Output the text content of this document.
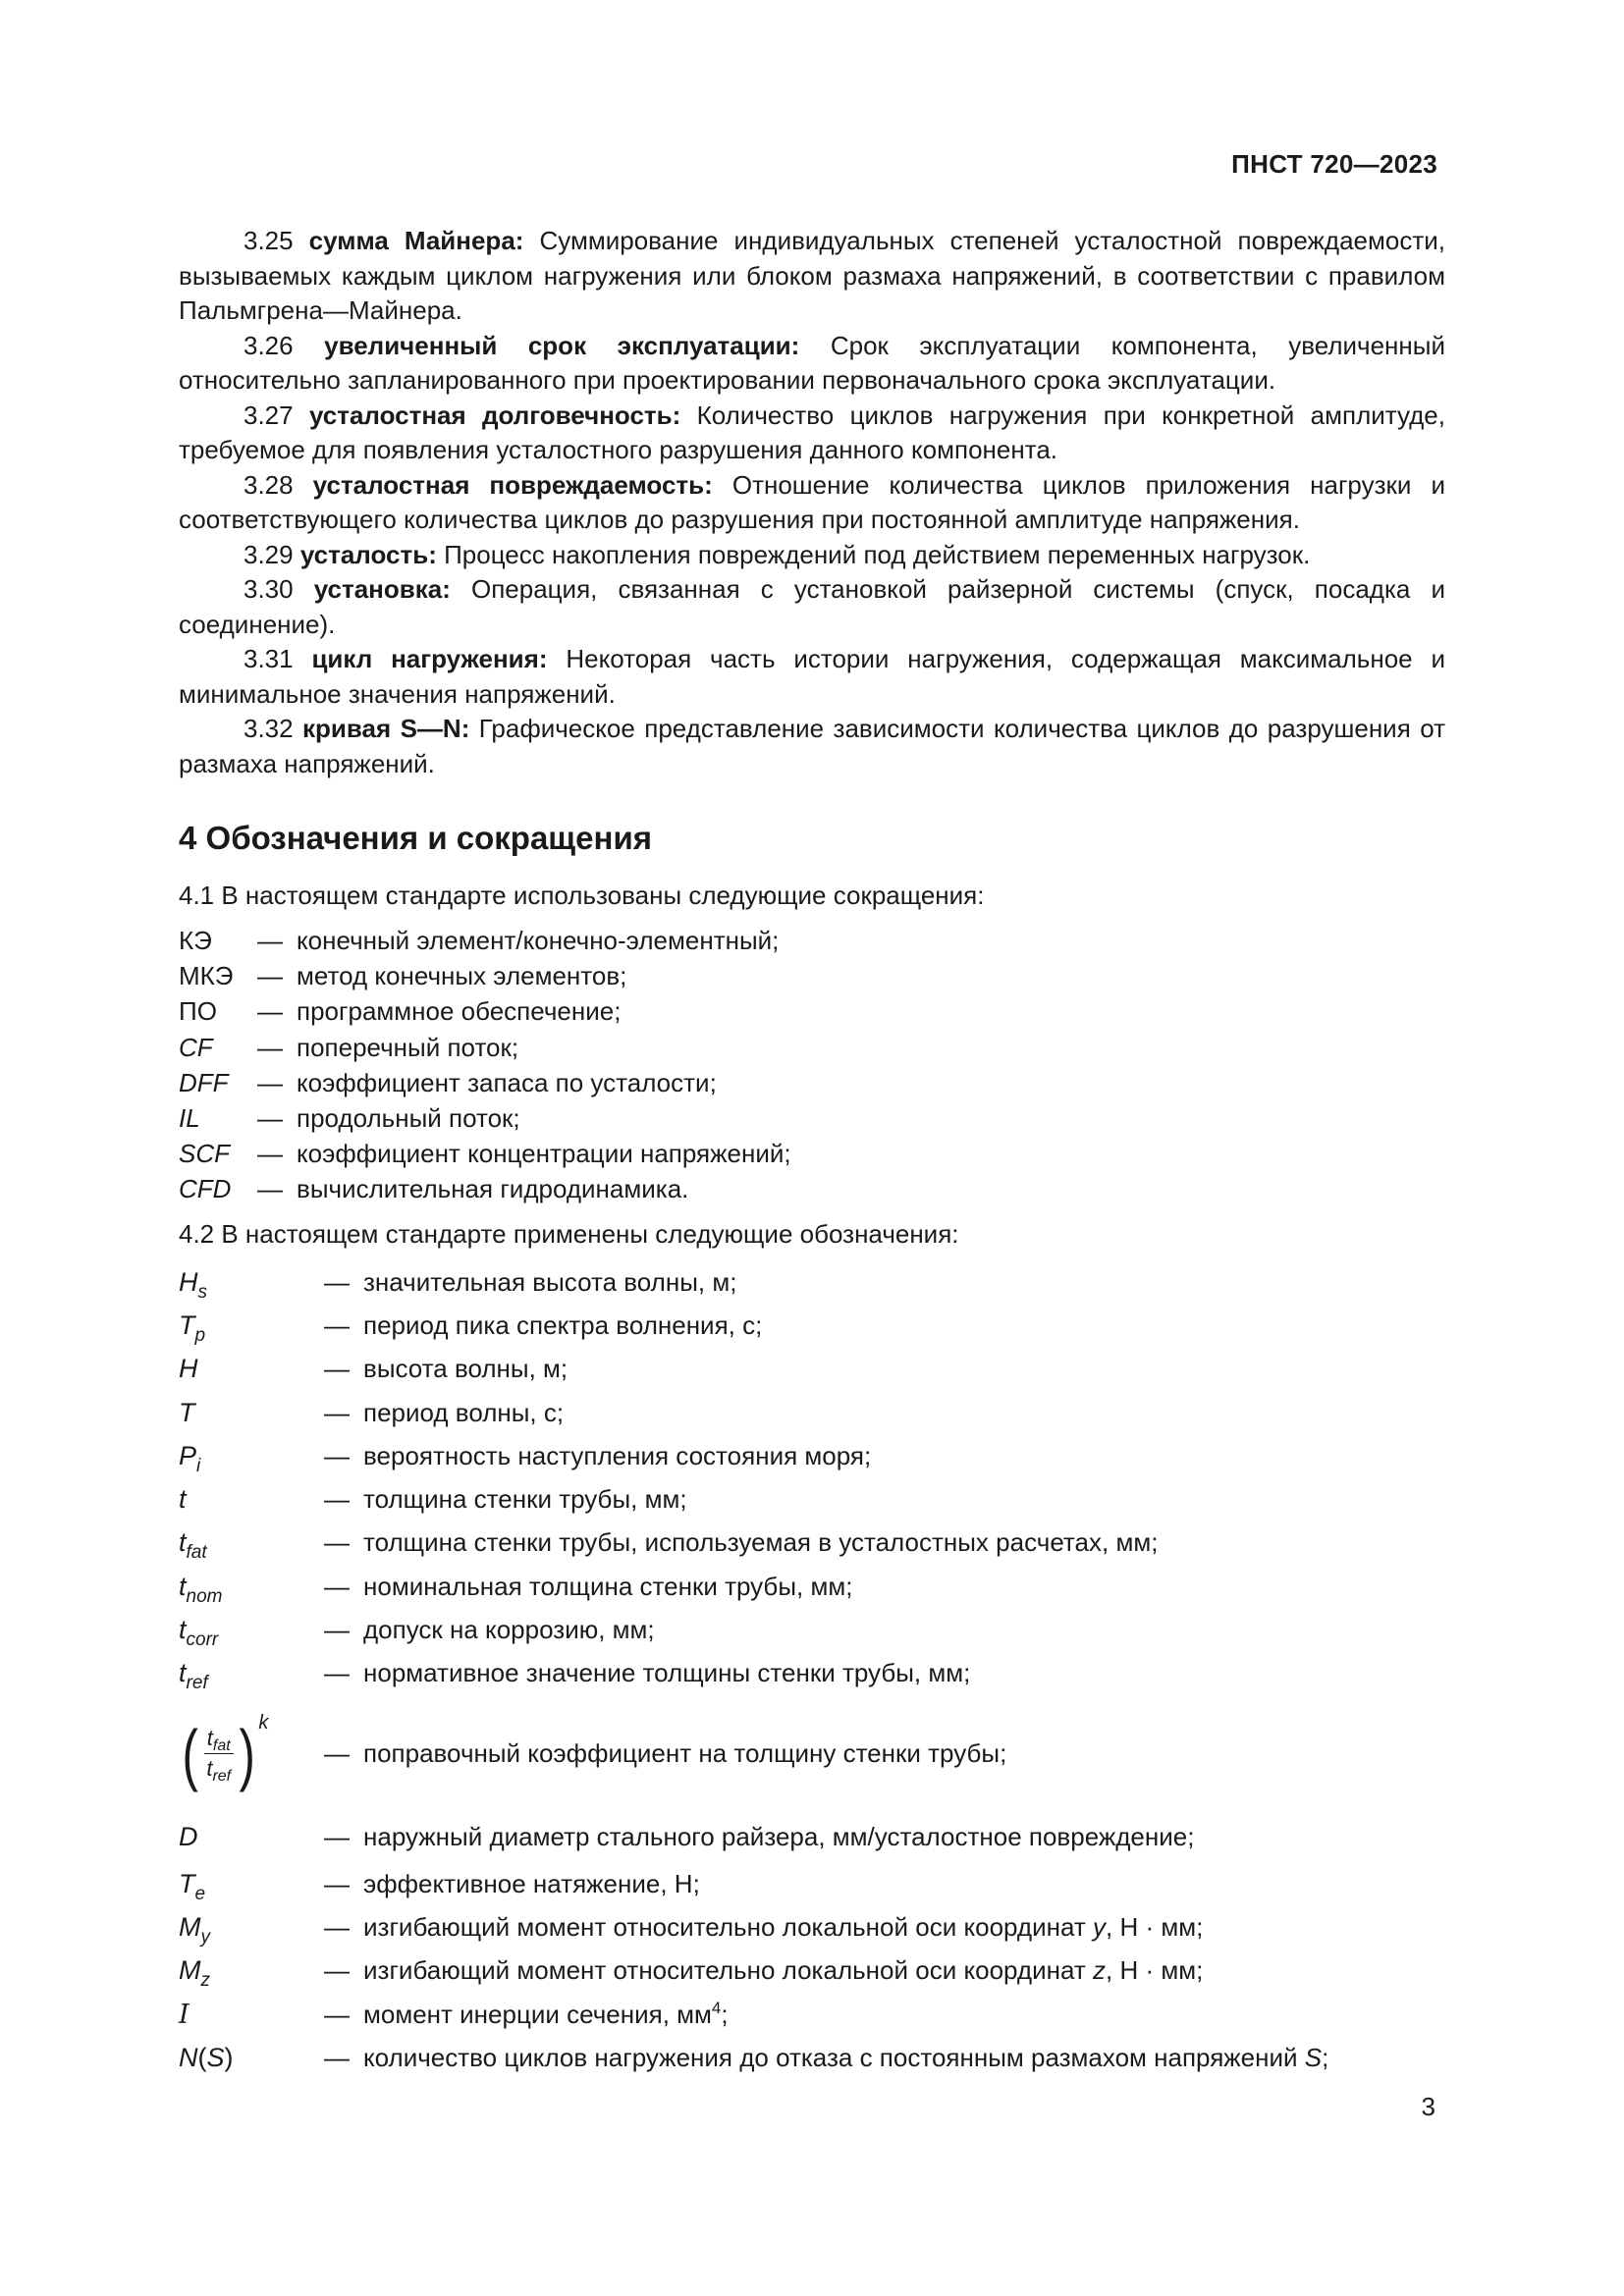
ПНСТ 720—2023

3.25 сумма Майнера: Суммирование индивидуальных степеней усталостной повреждаемости, вызываемых каждым циклом нагружения или блоком размаха напряжений, в соответствии с правилом Пальмгрена—Майнера.

3.26 увеличенный срок эксплуатации: Срок эксплуатации компонента, увеличенный относительно запланированного при проектировании первоначального срока эксплуатации.

3.27 усталостная долговечность: Количество циклов нагружения при конкретной амплитуде, требуемое для появления усталостного разрушения данного компонента.

3.28 усталостная повреждаемость: Отношение количества циклов приложения нагрузки и соответствующего количества циклов до разрушения при постоянной амплитуде напряжения.

3.29 усталость: Процесс накопления повреждений под действием переменных нагрузок.

3.30 установка: Операция, связанная с установкой райзерной системы (спуск, посадка и соединение).

3.31 цикл нагружения: Некоторая часть истории нагружения, содержащая максимальное и минимальное значения напряжений.

3.32 кривая S—N: Графическое представление зависимости количества циклов до разрушения от размаха напряжений.

4 Обозначения и сокращения

4.1 В настоящем стандарте использованы следующие сокращения:

КЭ	— конечный элемент/конечно-элементный;
МКЭ — метод конечных элементов;
ПО	— программное обеспечение;
CF	— поперечный поток;
DFF	— коэффициент запаса по усталости;
IL	— продольный поток;
SCF	— коэффициент концентрации напряжений;
CFD	— вычислительная гидродинамика.

4.2 В настоящем стандарте применены следующие обозначения:

$H_s$	— значительная высота волны, м;
$T_p$	— период пика спектра волнения, с;
H	— высота волны, м;
T	— период волны, с;
$P_i$	— вероятность наступления состояния моря;
t	— толщина стенки трубы, мм;
$t_{fat}$	— толщина стенки трубы, используемая в усталостных расчетах, мм;
$t_{nom}$	— номинальная толщина стенки трубы, мм;
$t_{corr}$	— допуск на коррозию, мм;
$t_{ref}$	— нормативное значение толщины стенки трубы, мм;
( $\frac{t_{fat}}{t_{ref}}$ ) k
— поправочный коэффициент на толщину стенки трубы;
D	— наружный диаметр стального райзера, мм/усталостное повреждение;
$T_e$	— эффективное натяжение, Н;
$M_y$	— изгибающий момент относительно локальной оси координат y, Н · мм;
$M_z$	— изгибающий момент относительно локальной оси координат z, Н · мм;
I	— момент инерции сечения, $мм^4$;
N(S)	— количество циклов нагружения до отказа с постоянным размахом напряжений S;
3
